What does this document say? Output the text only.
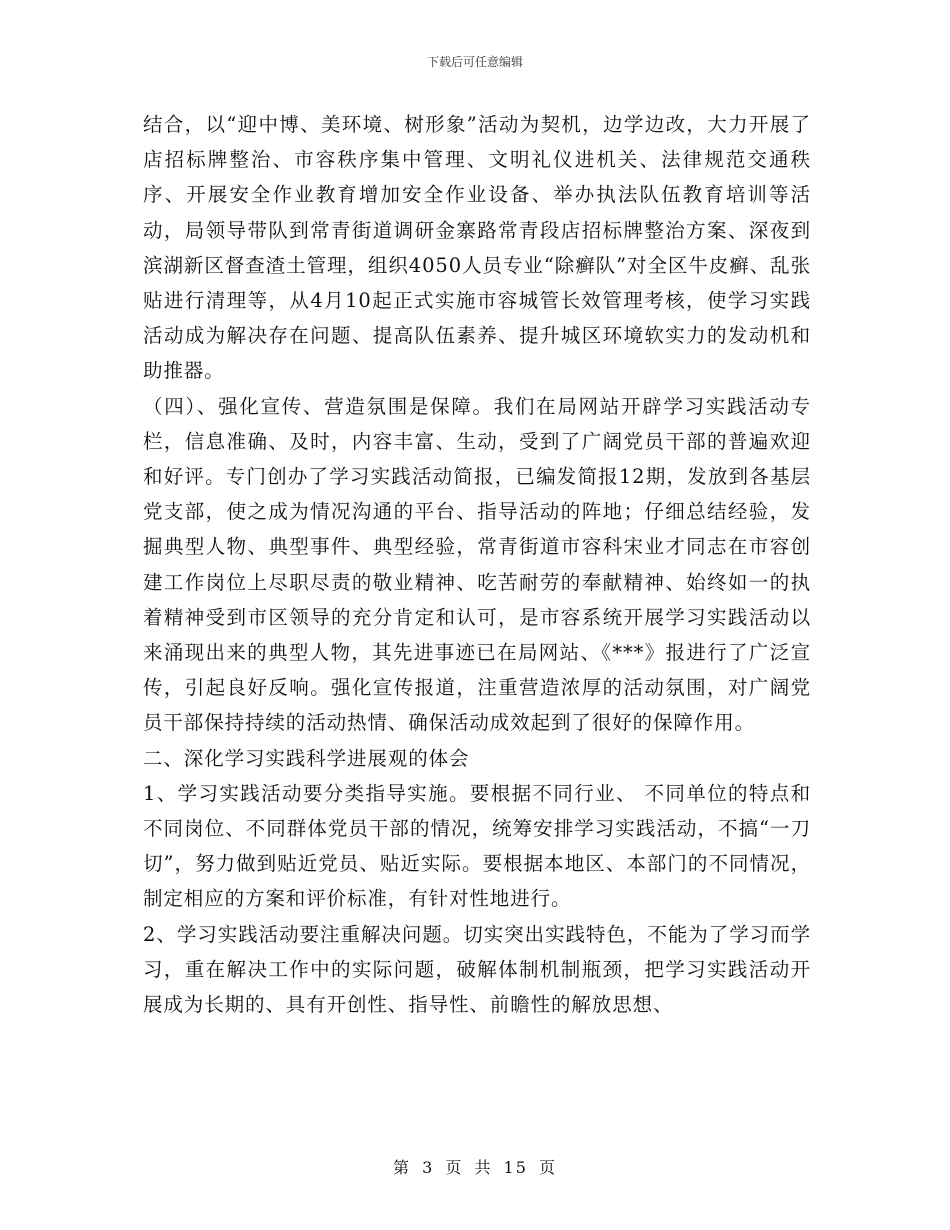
下载后可任意编辑

结合，以“迎中博、美环境、树形象”活动为契机，边学边改，大力开展了店招标牌整治、市容秩序集中管理、文明礼仪进机关、法律规范交通秩序、开展安全作业教育增加安全作业设备、举办执法队伍教育培训等活动，局领导带队到常青街道调研金寨路常青段店招标牌整治方案、深夜到滨湖新区督查渣土管理，组织4050人员专业“除癣队”对全区牛皮癣、乱张贴进行清理等，从4月10起正式实施市容城管长效管理考核，使学习实践活动成为解决存在问题、提高队伍素养、提升城区环境软实力的发动机和助推器。

（四）、强化宣传、营造氛围是保障。我们在局网站开辟学习实践活动专栏，信息准确、及时，内容丰富、生动，受到了广阔党员干部的普遍欢迎和好评。专门创办了学习实践活动简报，已编发简报12期，发放到各基层党支部，使之成为情况沟通的平台、指导活动的阵地；仔细总结经验，发掘典型人物、典型事件、典型经验，常青街道市容科宋业才同志在市容创建工作岗位上尽职尽责的敬业精神、吃苦耐劳的奉献精神、始终如一的执着精神受到市区领导的充分肯定和认可，是市容系统开展学习实践活动以来涌现出来的典型人物，其先进事迹已在局网站、《***》报进行了广泛宣传，引起良好反响。强化宣传报道，注重营造浓厚的活动氛围，对广阔党员干部保持持续的活动热情、确保活动成效起到了很好的保障作用。

二、深化学习实践科学进展观的体会

1、学习实践活动要分类指导实施。要根据不同行业、 不同单位的特点和不同岗位、不同群体党员干部的情况，统筹安排学习实践活动，不搞“一刀切”，努力做到贴近党员、贴近实际。要根据本地区、本部门的不同情况，制定相应的方案和评价标准，有针对性地进行。

2、学习实践活动要注重解决问题。切实突出实践特色，不能为了学习而学习，重在解决工作中的实际问题，破解体制机制瓶颈，把学习实践活动开展成为长期的、具有开创性、指导性、前瞻性的解放思想、

第 3 页 共 15 页
